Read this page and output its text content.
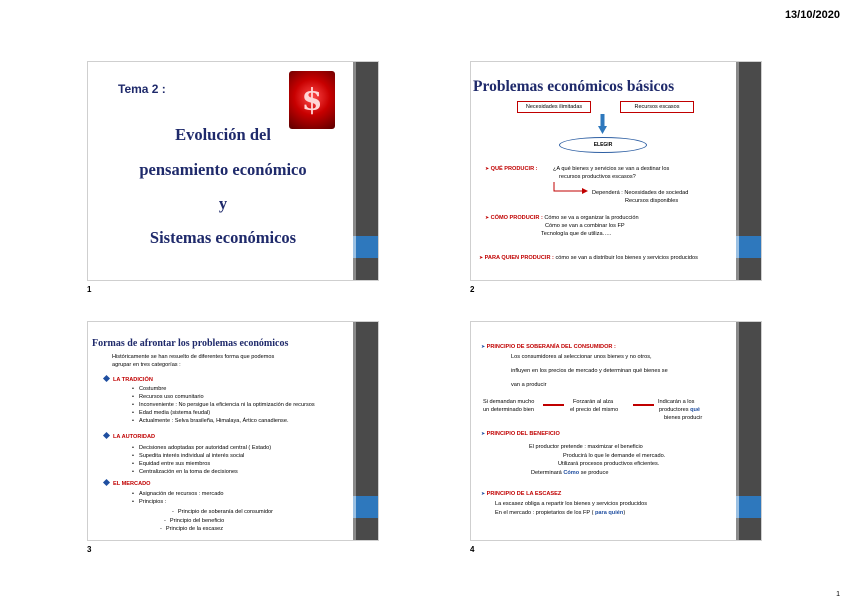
13/10/2020
Tema 2 :	$
Evolución del
pensamiento económico
y
Sistemas económicos
1
Problemas económicos básicos
Necesidades ilimitadas	Recursos escasos
ELEGIR
➤ QUÉ PRODUCIR :	¿A qué bienes y servicios se van a destinar los
recursos productivos escasos?
Dependerá : Necesidades de sociedad
Recursos disponibles
➤ CÓMO PRODUCIR : Cómo se va a organizar la producción
Cómo se van a combinar los FP
Tecnología que de utiliza…..
➤ PARA QUIEN PRODUCIR : cómo se van a distribuir los bienes y servicios producidos
2
Formas de afrontar los problemas económicos
Históricamente se han resuelto de diferentes forma que podemos
agrupar en tres categorías :
LA TRADICIÓN
• Costumbre
• Recursos uso comunitario
• Inconveniente : No persigue la eficiencia ni la optimización de recursos
• Edad media (sistema feudal)
• Actualmente : Selva brasileña, Himalaya, Ártico canadiense.
LA AUTORIDAD
• Decisiones adoptadas por autoridad central ( Estado)
• Supedita interés individual al interés social
• Equidad entre sus miembros
• Centralización en la toma de decisiones
EL MERCADO
• Asignación de recursos : mercado
• Principios :
- Principio de soberanía del consumidor
- Principio del beneficio
- Principio de la escasez
3
➤ PRINCIPIO DE SOBERANÍA DEL CONSUMIDOR :
Los consumidores al seleccionar unos bienes y no otros,
influyen en los precios de mercado y determinan qué bienes se
van a producir
Si demandan mucho
un determinado bien
Forzarán al alza
el precio del mismo
Indicarán a los
productores qué
bienes producir
➤ PRINCIPIO DEL BENEFICIO
El productor pretende : maximizar el beneficio
Producirá lo que le demande el mercado.
Utilizará procesos productivos eficientes.
Determinará Cómo se produce
➤ PRINCIPIO DE LA ESCASEZ
La escasez obliga a repartir los bienes y servicios producidos
En el mercado : propietarios de los FP ( para quién)
4
1
